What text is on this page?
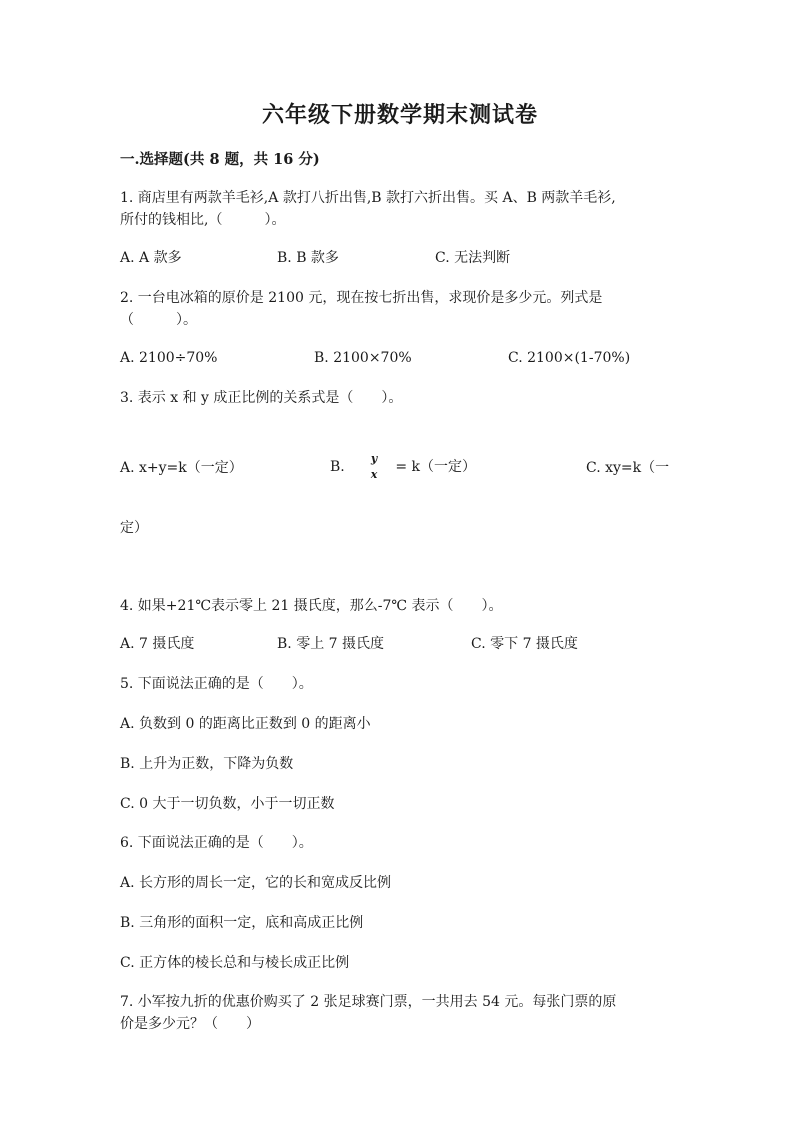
六年级下册数学期末测试卷
一.选择题(共 8 题，共 16 分)
1. 商店里有两款羊毛衫,A 款打八折出售,B 款打六折出售。买 A、B 两款羊毛衫,
所付的钱相比,（　　　）。
A. A 款多	B. B 款多	C. 无法判断
2. 一台电冰箱的原价是 2100 元，现在按七折出售，求现价是多少元。列式是
（　　　）。
A. 2100÷70%	B. 2100×70%	C. 2100×(1-70%)
3. 表示 x 和 y 成正比例的关系式是（　　）。
A. x+y=k（一定）	B.
y
x = k（一定）	C. xy=k（一
定）
4. 如果+21℃表示零上 21 摄氏度，那么-7℃ 表示（　　）。
A. 7 摄氏度	B. 零上 7 摄氏度	C. 零下 7 摄氏度
5. 下面说法正确的是（　　）。
A. 负数到 0 的距离比正数到 0 的距离小
B. 上升为正数，下降为负数
C. 0 大于一切负数，小于一切正数
6. 下面说法正确的是（　　）。
A. 长方形的周长一定，它的长和宽成反比例
B. 三角形的面积一定，底和高成正比例
C. 正方体的棱长总和与棱长成正比例
7. 小军按九折的优惠价购买了 2 张足球赛门票，一共用去 54 元。每张门票的原
价是多少元？（　　）
